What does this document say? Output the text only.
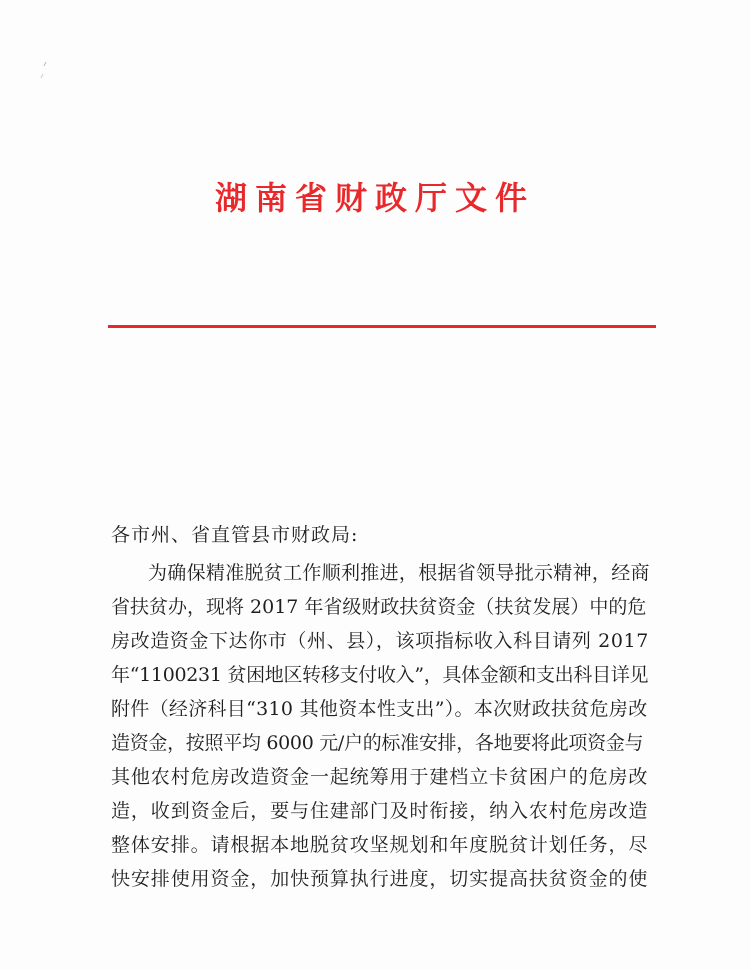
湖南省财政厅文件
各市州、省直管县市财政局:
为确保精准脱贫工作顺利推进，根据省领导批示精神，经商
省扶贫办，现将 2017 年省级财政扶贫资金（扶贫发展）中的危
房改造资金下达你市（州、县），该项指标收入科目请列 2017
年“1100231 贫困地区转移支付收入”，具体金额和支出科目详见
附件（经济科目“310 其他资本性支出”）。本次财政扶贫危房改
造资金，按照平均 6000 元/户的标准安排，各地要将此项资金与
其他农村危房改造资金一起统筹用于建档立卡贫困户的危房改
造，收到资金后，要与住建部门及时衔接，纳入农村危房改造
整体安排。请根据本地脱贫攻坚规划和年度脱贫计划任务，尽
快安排使用资金，加快预算执行进度，切实提高扶贫资金的使
